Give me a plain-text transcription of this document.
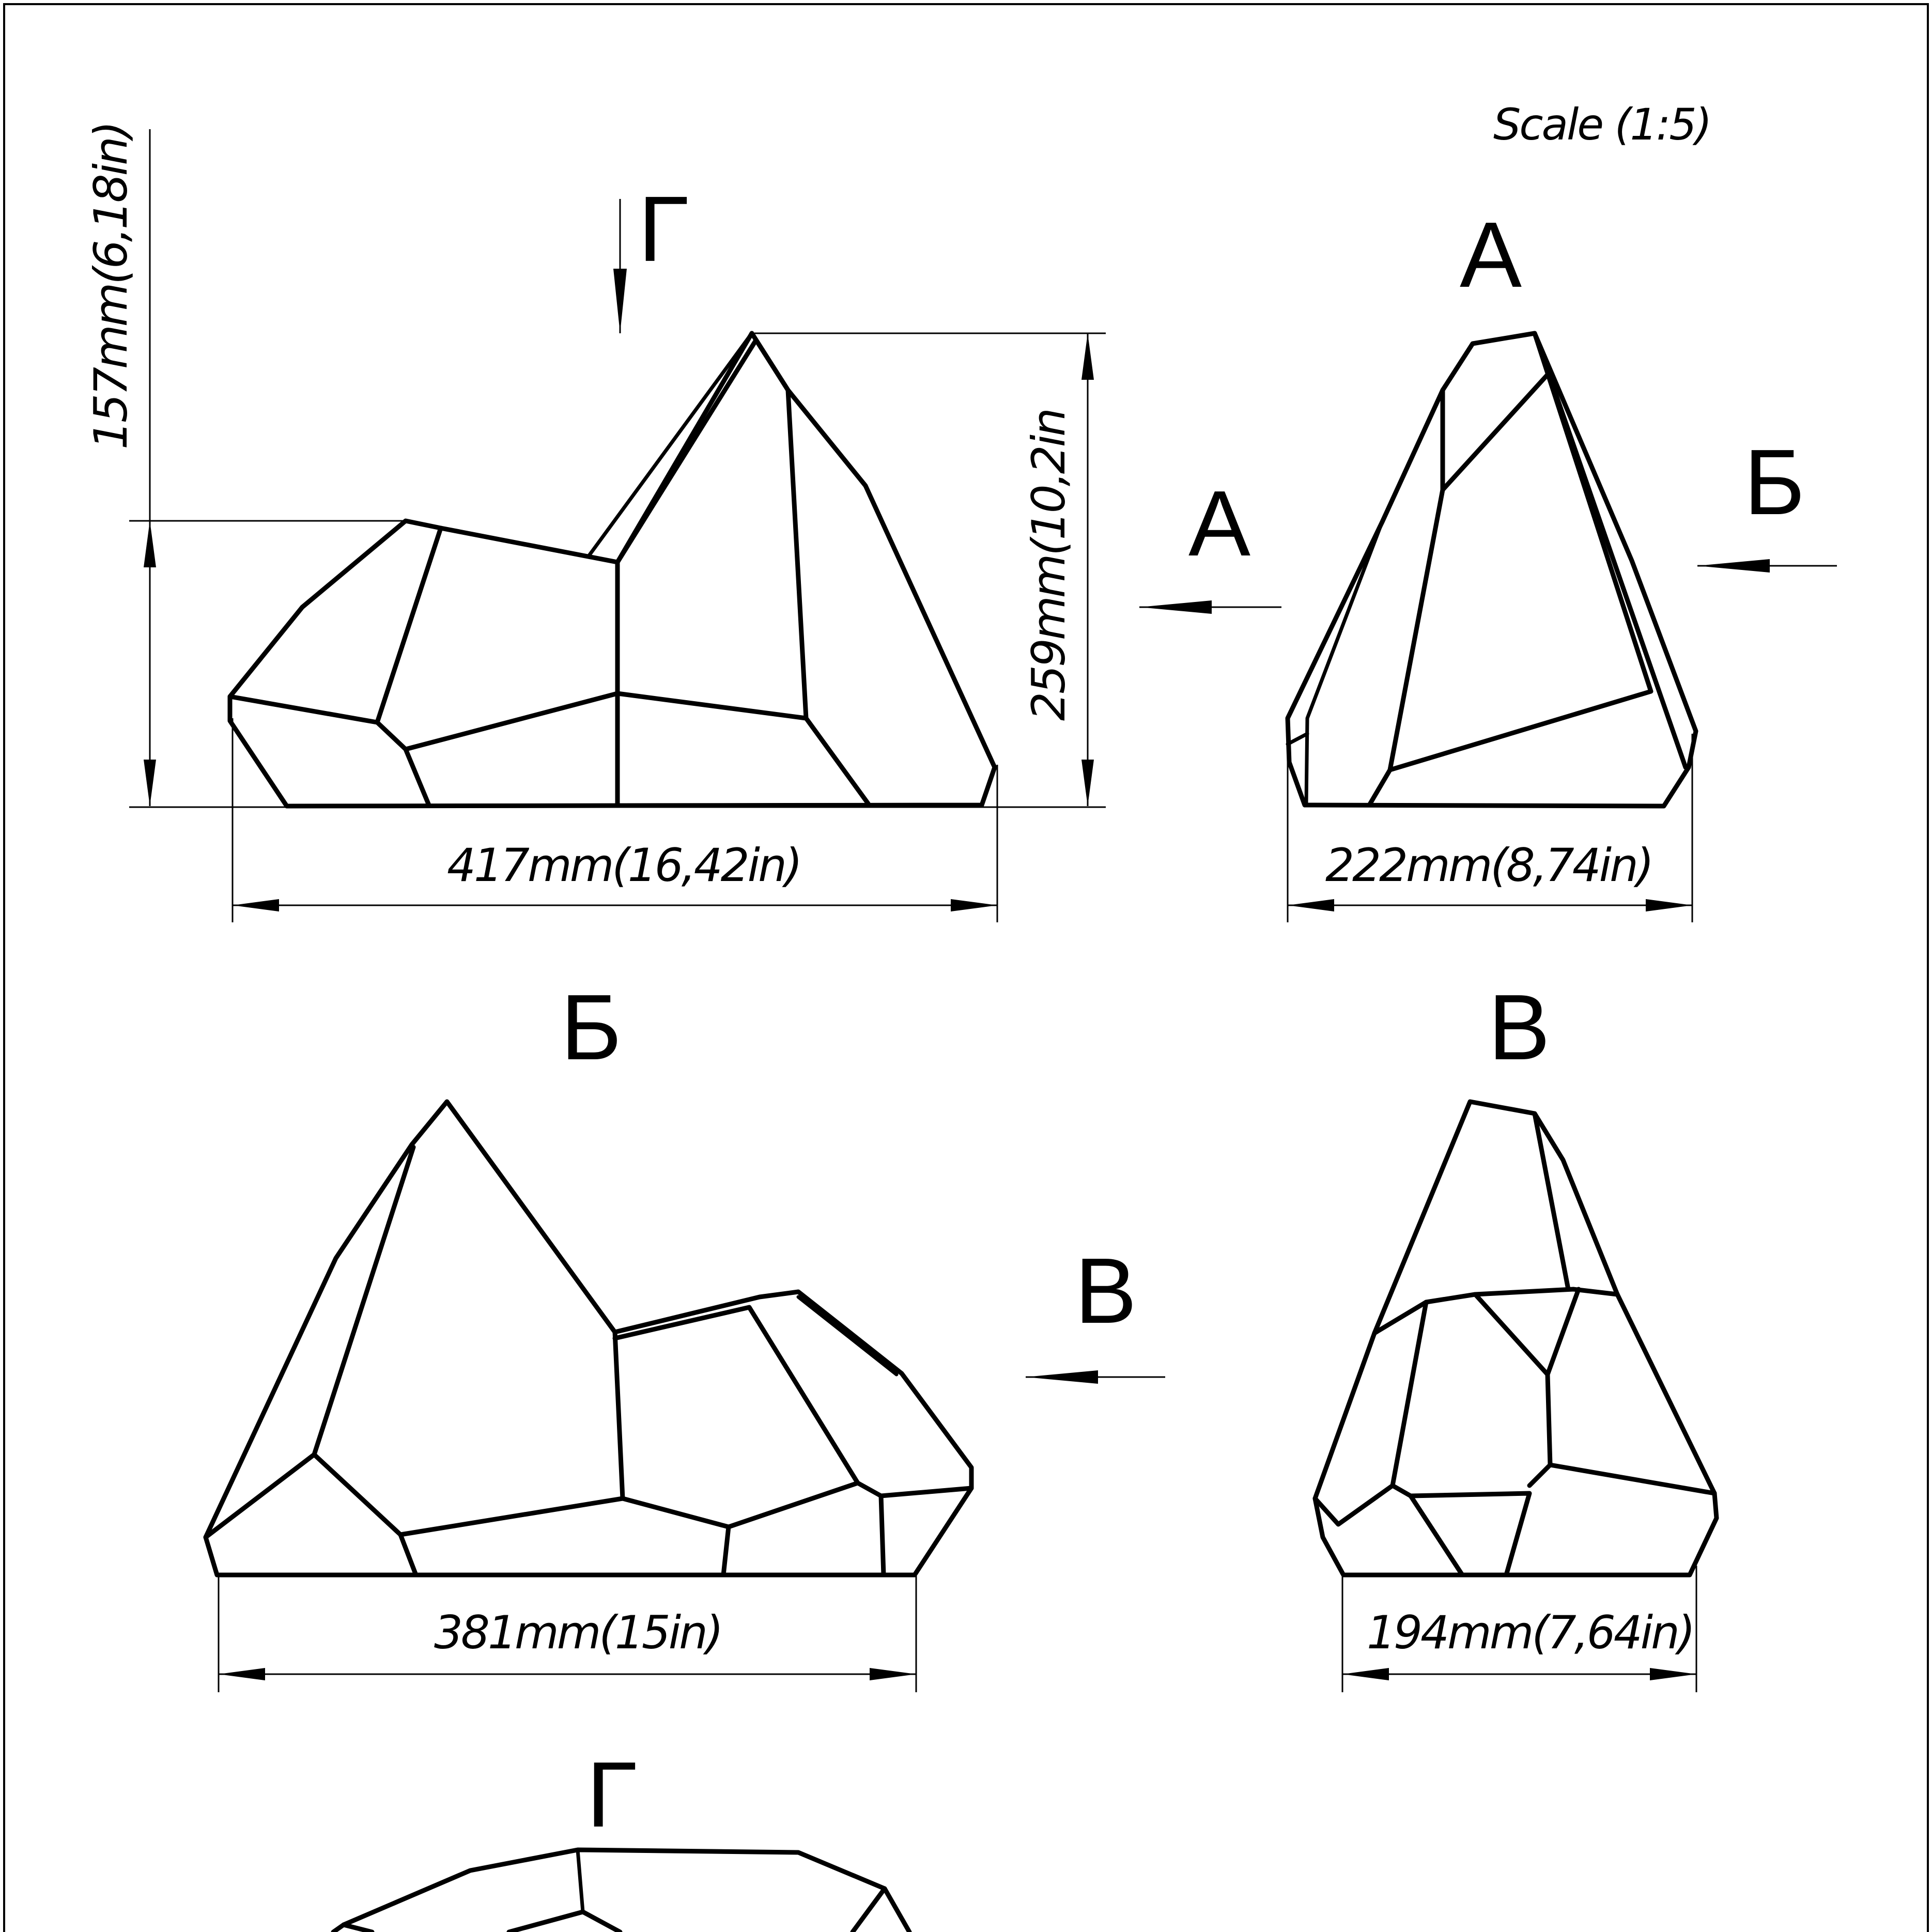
Scale (1:5)
157mm(6,18in)
259mm(10,2in
417mm(16,42in)
Г
А
А
222mm(8,74in)
Б
Б
381mm(15in)
В
В
194mm(7,64in)
Г
